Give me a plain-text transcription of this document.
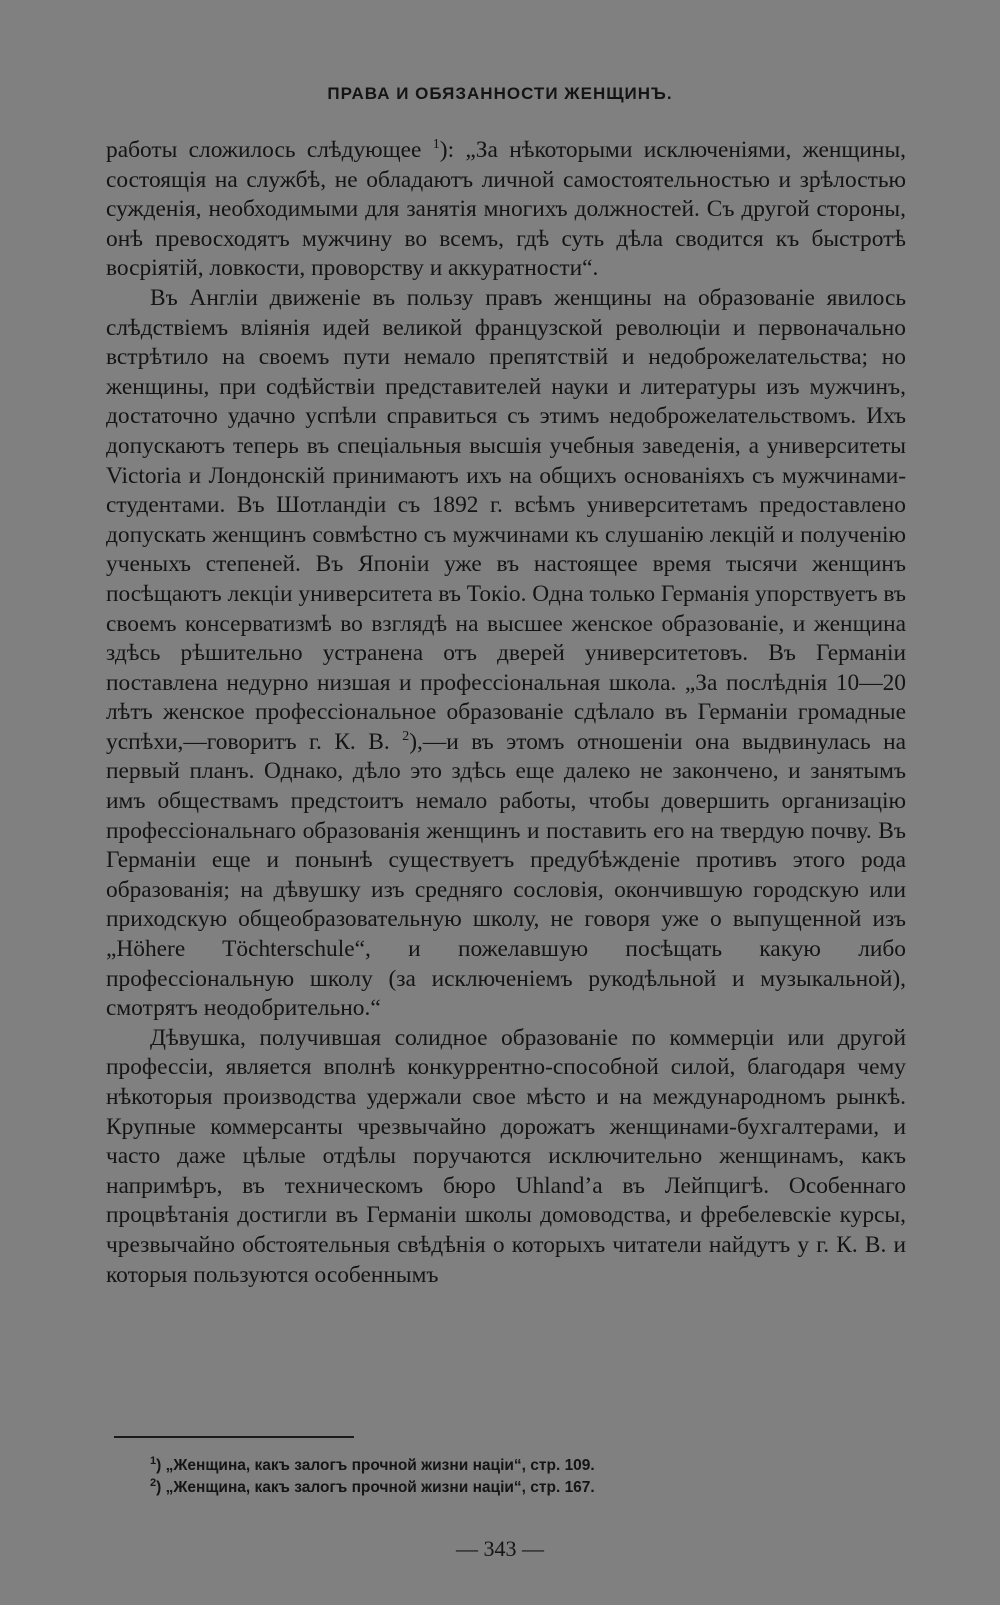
ПРАВА И ОБЯЗАННОСТИ ЖЕНЩИНЪ.

работы сложилось слѣдующее $^1$): „За нѣкоторыми исключеніями, женщины, состоящія на службѣ, не обладаютъ личной самостоятельностью и зрѣлостью сужденія, необходимыми для занятія многихъ должностей. Съ другой стороны, онѣ превосходятъ мужчину во всемъ, гдѣ суть дѣла сводится къ быстротѣ восріятій, ловкости, проворству и аккуратности“.

Въ Англіи движеніе въ пользу правъ женщины на образованіе явилось слѣдствіемъ вліянія идей великой французской революціи и первоначально встрѣтило на своемъ пути немало препятствій и недоброжелательства; но женщины, при содѣйствіи представителей науки и литературы изъ мужчинъ, достаточно удачно успѣли справиться съ этимъ недоброжелательствомъ. Ихъ допускаютъ теперь въ спеціальныя высшія учебныя заведенія, а университеты Victoria и Лондонскій принимаютъ ихъ на общихъ основаніяхъ съ мужчинами-студентами. Въ Шотландіи съ 1892 г. всѣмъ университетамъ предоставлено допускать женщинъ совмѣстно съ мужчинами къ слушанію лекцій и полученію ученыхъ степеней. Въ Японіи уже въ настоящее время тысячи женщинъ посѣщаютъ лекціи университета въ Токіо. Одна только Германія упорствуетъ въ своемъ консерватизмѣ во взглядѣ на высшее женское образованіе, и женщина здѣсь рѣшительно устранена отъ дверей университетовъ. Въ Германіи поставлена недурно низшая и профессіональная школа. „За послѣднія 10—20 лѣтъ женское профессіональное образованіе сдѣлало въ Германіи громадные успѣхи,—говоритъ г. К. В. $^2$),—и въ этомъ отношеніи она выдвинулась на первый планъ. Однако, дѣло это здѣсь еще далеко не закончено, и занятымъ имъ обществамъ предстоитъ немало работы, чтобы довершить организацію профессіональнаго образованія женщинъ и поставить его на твердую почву. Въ Германіи еще и понынѣ существуетъ предубѣжденіе противъ этого рода образованія; на дѣвушку изъ средняго сословія, окончившую городскую или приходскую общеобразовательную школу, не говоря уже о выпущенной изъ „Höhere Töchterschule“, и пожелавшую посѣщать какую либо профессіональную школу (за исключеніемъ рукодѣльной и музыкальной), смотрятъ неодобрительно.“

Дѣвушка, получившая солидное образованіе по коммерціи или другой профессіи, является вполнѣ конкуррентно-способной силой, благодаря чему нѣкоторыя производства удержали свое мѣсто и на международномъ рынкѣ. Крупные коммерсанты чрезвычайно дорожатъ женщинами-бухгалтерами, и часто даже цѣлые отдѣлы поручаются исключительно женщинамъ, какъ напримѣръ, въ техническомъ бюро Uhland’a въ Лейпцигѣ. Особеннаго процвѣтанія достигли въ Германіи школы домоводства, и фребелевскіе курсы, чрезвычайно обстоятельныя свѣдѣнія о которыхъ читатели найдутъ у г. К. В. и которыя пользуются особеннымъ

$^1$) „Женщина, какъ залогъ прочной жизни націи“, стр. 109.
$^2$) „Женщина, какъ залогъ прочной жизни націи“, стр. 167.
— 343 —
